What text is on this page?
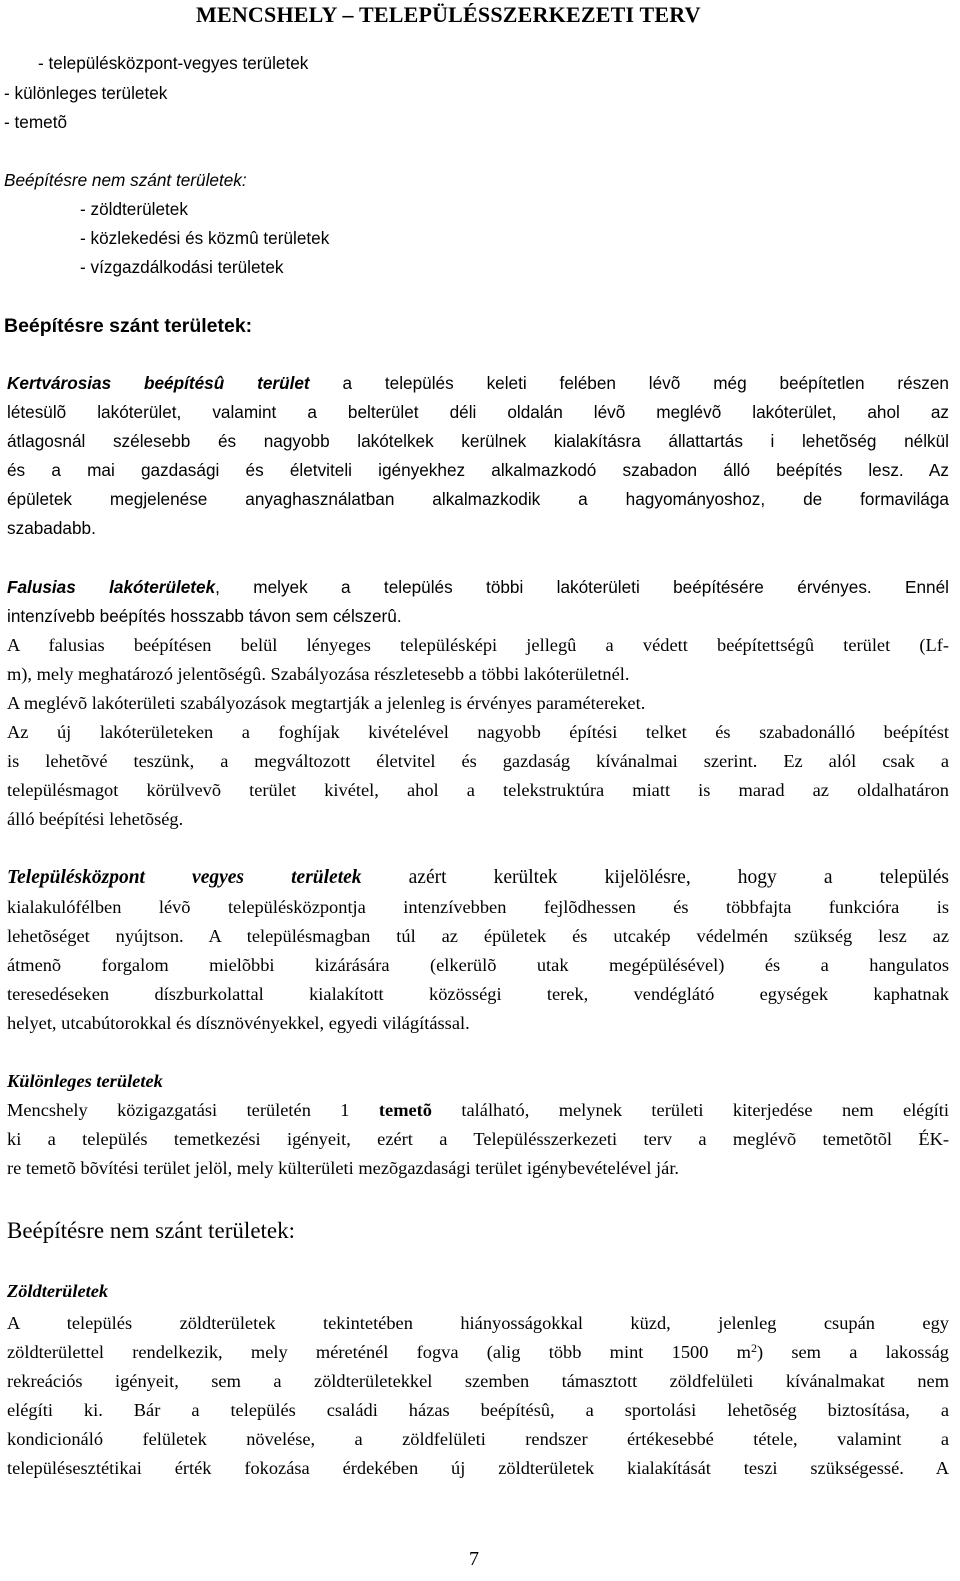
MENCSHELY – TELEPÜLÉSSZERKEZETI TERV
- településközpont-vegyes területek
- különleges területek
- temetõ
Beépítésre nem szánt területek:
- zöldterületek
- közlekedési és közmû területek
- vízgazdálkodási területek
Beépítésre szánt területek:
Kertvárosias beépítésû terület a település keleti felében lévõ még beépítetlen részen
létesülõ lakóterület, valamint a belterület déli oldalán lévõ meglévõ lakóterület, ahol az
átlagosnál szélesebb és nagyobb lakótelkek kerülnek kialakításra állattartás i lehetõség nélkül
és a mai gazdasági és életviteli igényekhez alkalmazkodó szabadon álló beépítés lesz. Az
épületek megjelenése anyaghasználatban alkalmazkodik a hagyományoshoz, de formavilága
szabadabb.
Falusias lakóterületek, melyek a település többi lakóterületi beépítésére érvényes. Ennél
intenzívebb beépítés hosszabb távon sem célszerû.
A falusias beépítésen belül lényeges településképi jellegû a védett beépítettségû terület (Lf-
m), mely meghatározó jelentõségû. Szabályozása részletesebb a többi lakóterületnél.
A meglévõ lakóterületi szabályozások megtartják a jelenleg is érvényes paramétereket.
Az új lakóterületeken a foghíjak kivételével nagyobb építési telket és szabadonálló beépítést
is lehetõvé teszünk, a megváltozott életvitel és gazdaság kívánalmai szerint. Ez alól csak a
településmagot körülvevõ terület kivétel, ahol a telekstruktúra miatt is marad az oldalhatáron
álló beépítési lehetõség.
Településközpont vegyes területek azért kerültek kijelölésre, hogy a település
kialakulófélben lévõ településközpontja intenzívebben fejlõdhessen és többfajta funkcióra is
lehetõséget nyújtson. A településmagban túl az épületek és utcakép védelmén szükség lesz az
átmenõ forgalom mielõbbi kizárására (elkerülõ utak megépülésével) és a hangulatos
teresedéseken díszburkolattal kialakított közösségi terek, vendéglátó egységek kaphatnak
helyet, utcabútorokkal és dísznövényekkel, egyedi világítással.
Különleges területek
Mencshely közigazgatási területén 1 temetõ található, melynek területi kiterjedése nem elégíti
ki a település temetkezési igényeit, ezért a Településszerkezeti terv a meglévõ temetõtõl ÉK-
re temetõ bõvítési terület jelöl, mely külterületi mezõgazdasági terület igénybevételével jár.
Beépítésre nem szánt területek:
Zöldterületek
A település zöldterületek tekintetében hiányosságokkal küzd, jelenleg csupán egy
zöldterülettel rendelkezik, mely méreténél fogva (alig több mint 1500 $m^2$) sem a lakosság
rekreációs igényeit, sem a zöldterületekkel szemben támasztott zöldfelületi kívánalmakat nem
elégíti ki. Bár a település családi házas beépítésû, a sportolási lehetõség biztosítása, a
kondicionáló felületek növelése, a zöldfelületi rendszer értékesebbé tétele, valamint a
településesztétikai érték fokozása érdekében új zöldterületek kialakítását teszi szükségessé. A
7
